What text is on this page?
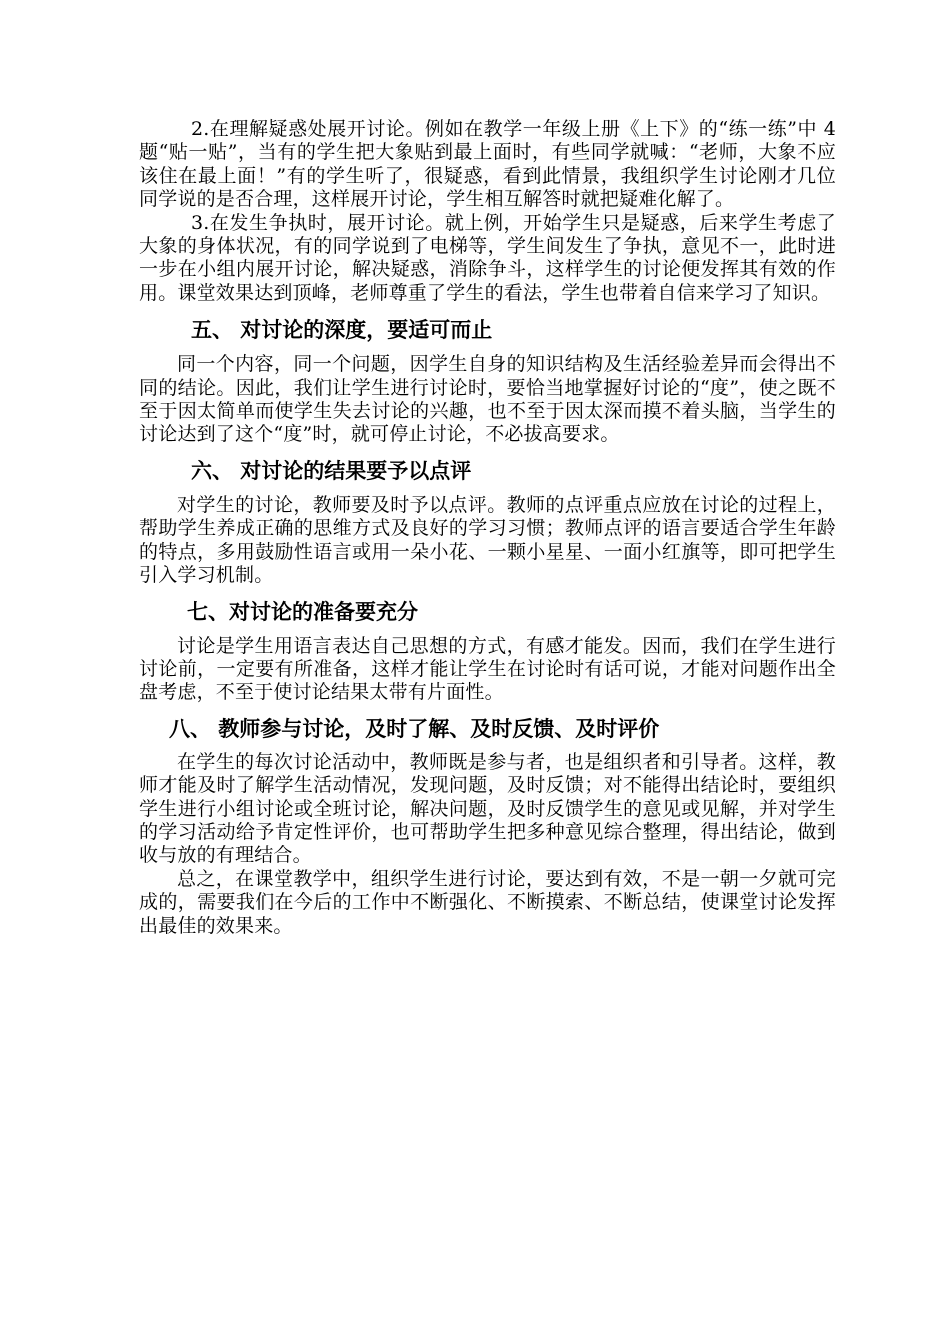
2.在理解疑惑处展开讨论。例如在教学一年级上册《上下》的“练一练”中 4 题“贴一贴”，当有的学生把大象贴到最上面时，有些同学就喊：“老师，大象不应该住在最上面！”有的学生听了，很疑惑，看到此情景，我组织学生讨论刚才几位同学说的是否合理，这样展开讨论，学生相互解答时就把疑难化解了。

3.在发生争执时，展开讨论。就上例，开始学生只是疑惑，后来学生考虑了大象的身体状况，有的同学说到了电梯等，学生间发生了争执，意见不一，此时进一步在小组内展开讨论，解决疑惑，消除争斗，这样学生的讨论便发挥其有效的作用。课堂效果达到顶峰，老师尊重了学生的看法，学生也带着自信来学习了知识。

五、 对讨论的深度，要适可而止

同一个内容，同一个问题，因学生自身的知识结构及生活经验差异而会得出不同的结论。因此，我们让学生进行讨论时，要恰当地掌握好讨论的“度”，使之既不至于因太简单而使学生失去讨论的兴趣，也不至于因太深而摸不着头脑，当学生的讨论达到了这个“度”时，就可停止讨论，不必拔高要求。

六、 对讨论的结果要予以点评

对学生的讨论，教师要及时予以点评。教师的点评重点应放在讨论的过程上，帮助学生养成正确的思维方式及良好的学习习惯；教师点评的语言要适合学生年龄的特点，多用鼓励性语言或用一朵小花、一颗小星星、一面小红旗等，即可把学生引入学习机制。

七、对讨论的准备要充分

讨论是学生用语言表达自己思想的方式，有感才能发。因而，我们在学生进行讨论前，一定要有所准备，这样才能让学生在讨论时有话可说，才能对问题作出全盘考虑，不至于使讨论结果太带有片面性。

八、 教师参与讨论，及时了解、及时反馈、及时评价

在学生的每次讨论活动中，教师既是参与者，也是组织者和引导者。这样，教师才能及时了解学生活动情况，发现问题，及时反馈；对不能得出结论时，要组织学生进行小组讨论或全班讨论，解决问题，及时反馈学生的意见或见解，并对学生的学习活动给予肯定性评价，也可帮助学生把多种意见综合整理，得出结论，做到收与放的有理结合。

总之，在课堂教学中，组织学生进行讨论，要达到有效，不是一朝一夕就可完成的，需要我们在今后的工作中不断强化、不断摸索、不断总结，使课堂讨论发挥出最佳的效果来。
